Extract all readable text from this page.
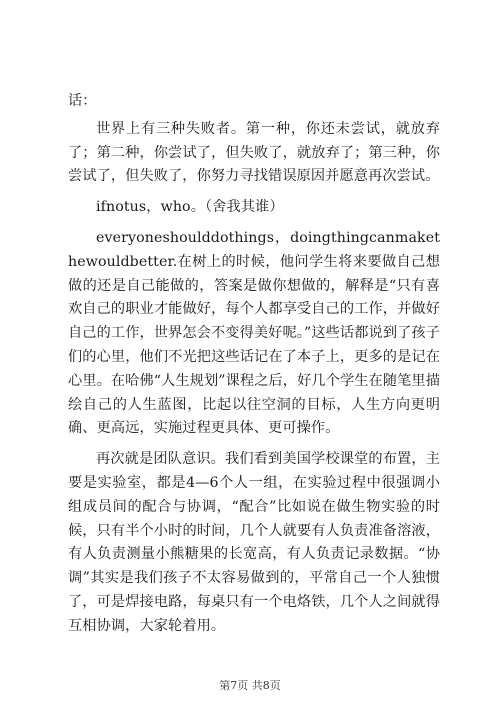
话：

世界上有三种失败者。第一种，你还未尝试，就放弃了；第二种，你尝试了，但失败了，就放弃了；第三种，你尝试了，但失败了，你努力寻找错误原因并愿意再次尝试。

ifnotus，who。（舍我其谁）

everyoneshoulddothings，doingthingcanmakethewouldbetter.在树上的时候，他问学生将来要做自己想做的还是自己能做的，答案是做你想做的，解释是“只有喜欢自己的职业才能做好，每个人都享受自己的工作，并做好自己的工作，世界怎会不变得美好呢。”这些话都说到了孩子们的心里，他们不光把这些话记在了本子上，更多的是记在心里。在哈佛“人生规划”课程之后，好几个学生在随笔里描绘自己的人生蓝图，比起以往空洞的目标，人生方向更明确、更高远，实施过程更具体、更可操作。

再次就是团队意识。我们看到美国学校课堂的布置，主要是实验室，都是4—6个人一组，在实验过程中很强调小组成员间的配合与协调，“配合”比如说在做生物实验的时候，只有半个小时的时间，几个人就要有人负责准备溶液，有人负责测量小熊糖果的长宽高，有人负责记录数据。“协调”其实是我们孩子不太容易做到的，平常自己一个人独惯了，可是焊接电路，每桌只有一个电烙铁，几个人之间就得互相协调，大家轮着用。

第7页 共8页
